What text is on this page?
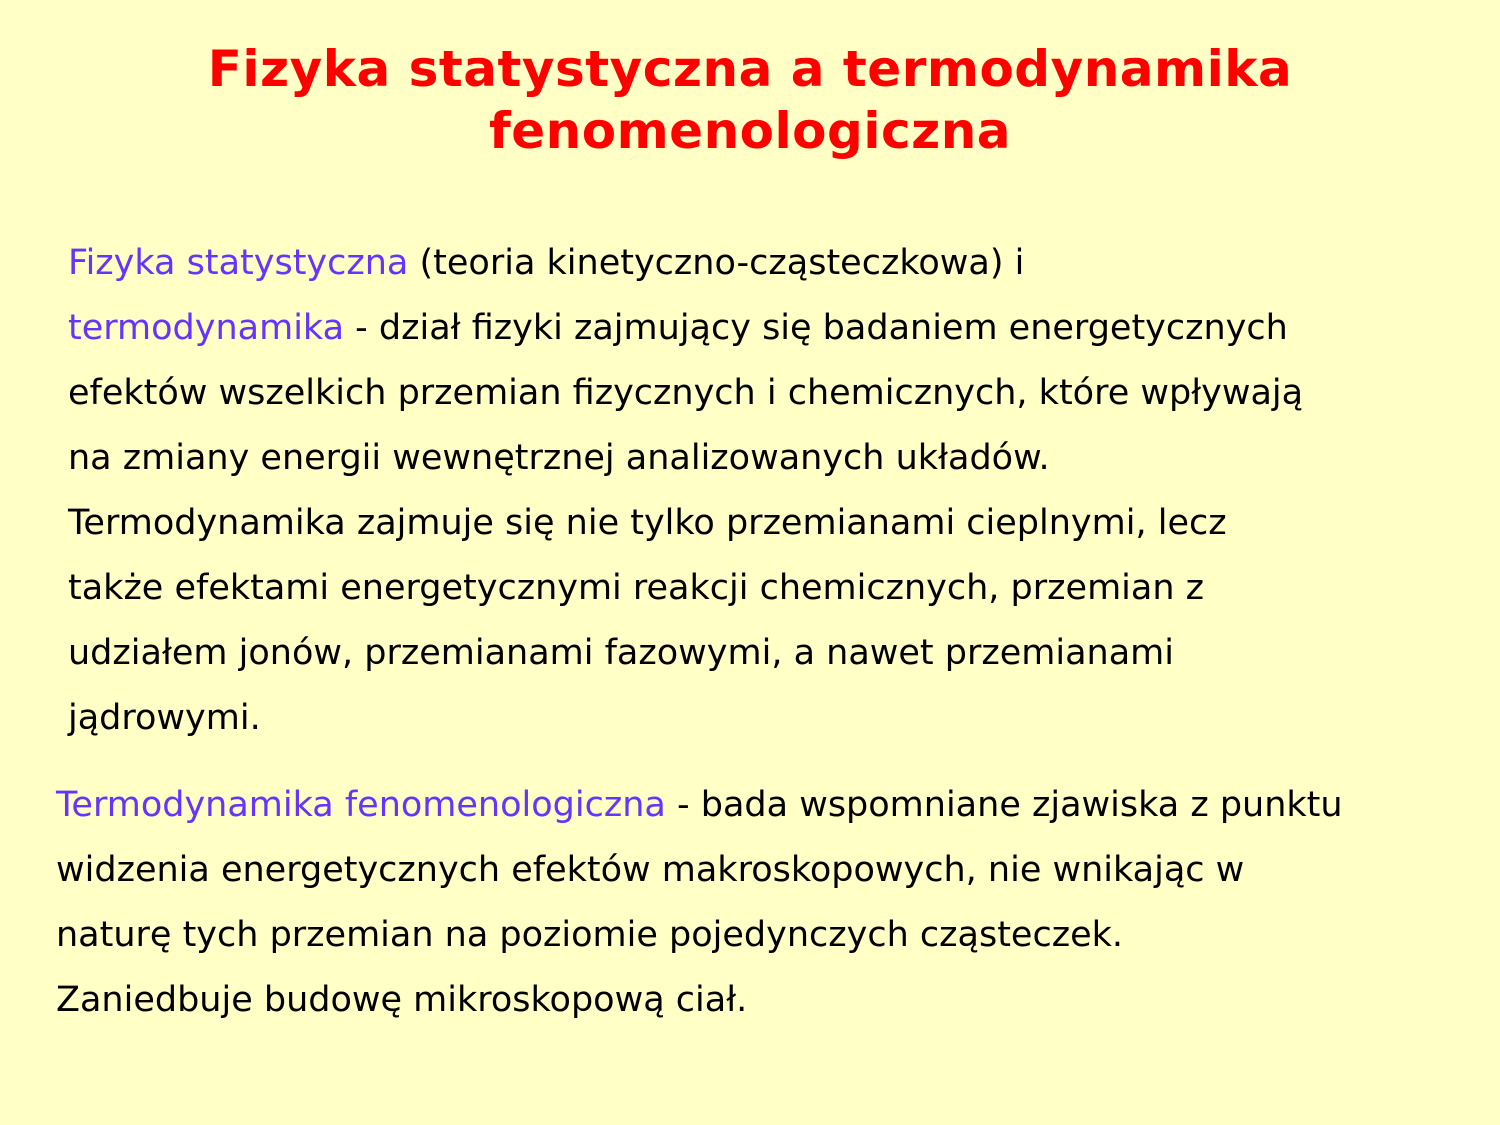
Fizyka statystyczna a termodynamika
fenomenologiczna

Fizyka statystyczna (teoria kinetyczno-cząsteczkowa) i
termodynamika - dział fizyki zajmujący się badaniem energetycznych
efektów wszelkich przemian fizycznych i chemicznych, które wpływają
na zmiany energii wewnętrznej analizowanych układów.
Termodynamika zajmuje się nie tylko przemianami cieplnymi, lecz
także efektami energetycznymi reakcji chemicznych, przemian z
udziałem jonów, przemianami fazowymi, a nawet przemianami
jądrowymi.

Termodynamika fenomenologiczna - bada wspomniane zjawiska z punktu
widzenia energetycznych efektów makroskopowych, nie wnikając w
naturę tych przemian na poziomie pojedynczych cząsteczek.
Zaniedbuje budowę mikroskopową ciał.
